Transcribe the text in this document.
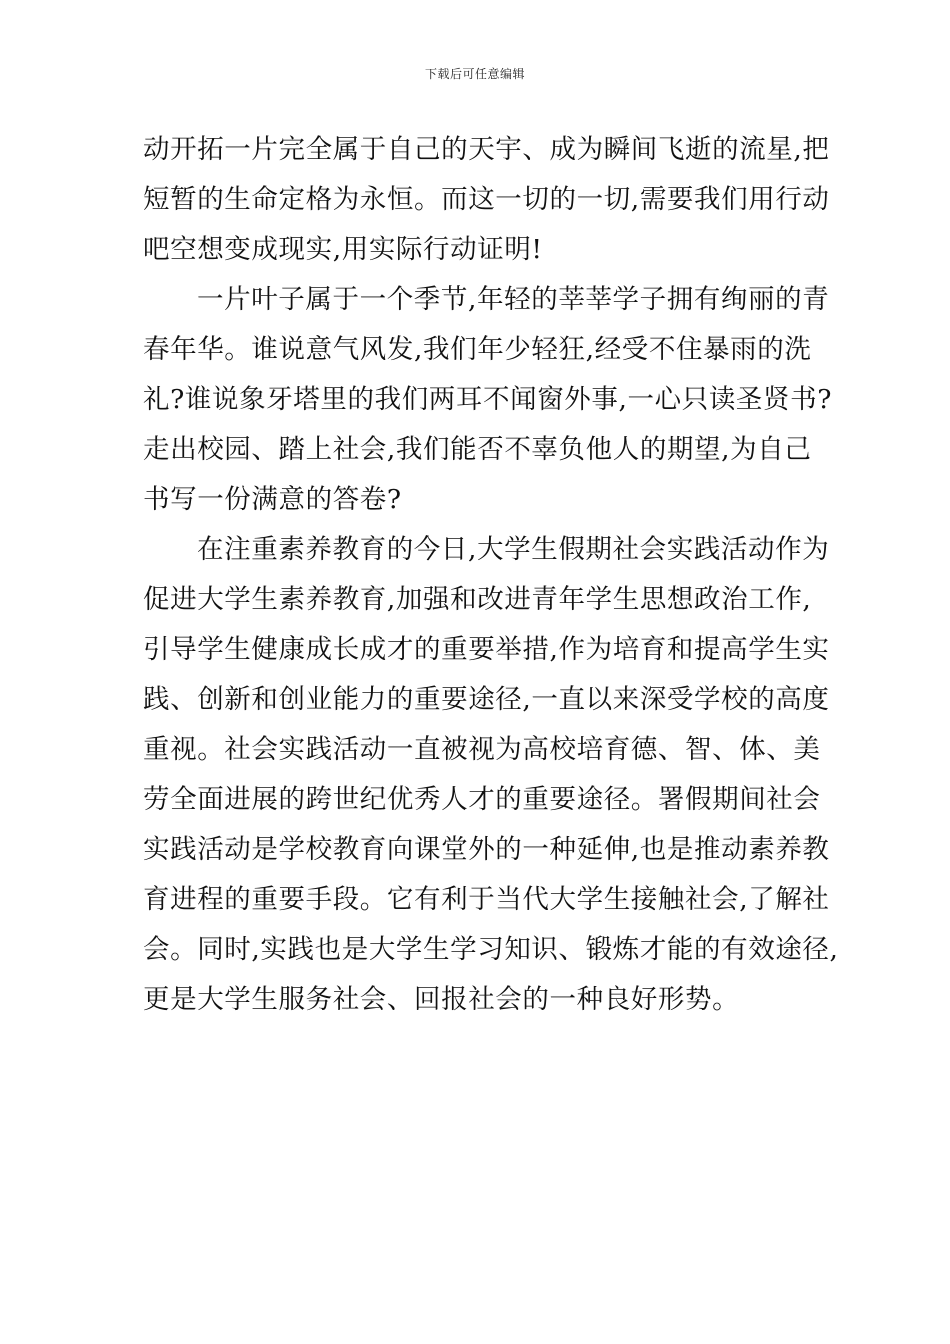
下载后可任意编辑
动开拓一片完全属于自己的天宇、成为瞬间飞逝的流星,把
短暂的生命定格为永恒。而这一切的一切,需要我们用行动
吧空想变成现实,用实际行动证明!
一片叶子属于一个季节,年轻的莘莘学子拥有绚丽的青
春年华。谁说意气风发,我们年少轻狂,经受不住暴雨的洗
礼?谁说象牙塔里的我们两耳不闻窗外事,一心只读圣贤书?
走出校园、踏上社会,我们能否不辜负他人的期望,为自己
书写一份满意的答卷?
在注重素养教育的今日,大学生假期社会实践活动作为
促进大学生素养教育,加强和改进青年学生思想政治工作,
引导学生健康成长成才的重要举措,作为培育和提高学生实
践、创新和创业能力的重要途径,一直以来深受学校的高度
重视。社会实践活动一直被视为高校培育德、智、体、美
劳全面进展的跨世纪优秀人才的重要途径。署假期间社会
实践活动是学校教育向课堂外的一种延伸,也是推动素养教
育进程的重要手段。它有利于当代大学生接触社会,了解社
会。同时,实践也是大学生学习知识、锻炼才能的有效途径,
更是大学生服务社会、回报社会的一种良好形势。
